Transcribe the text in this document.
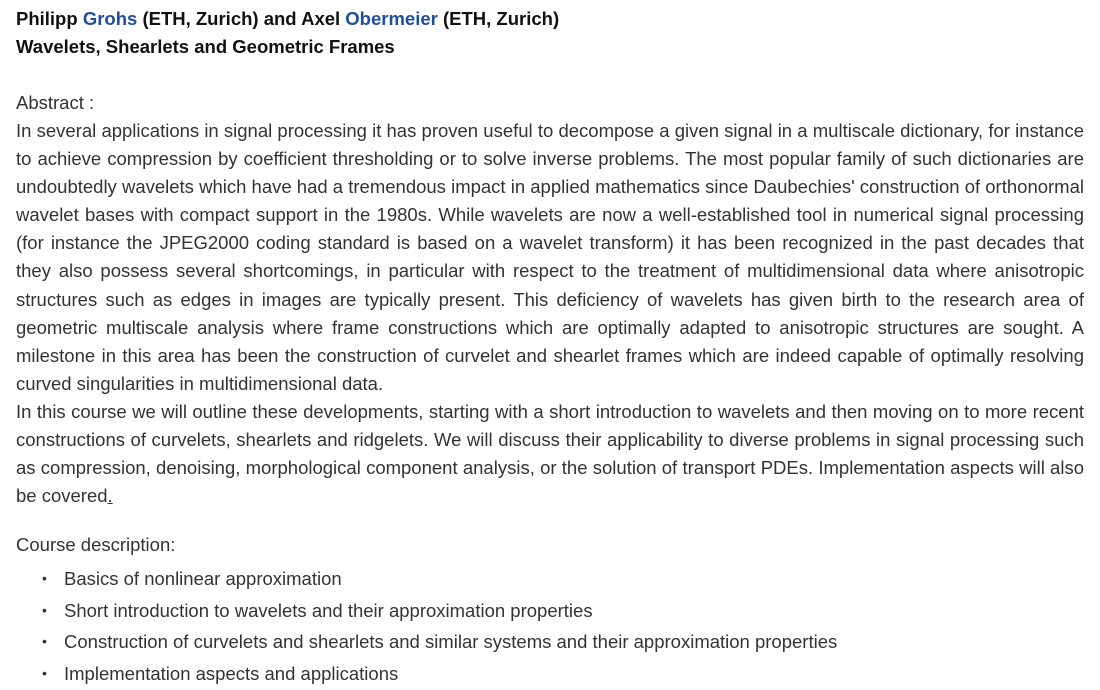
Philipp Grohs (ETH, Zurich) and Axel Obermeier (ETH, Zurich)
Wavelets, Shearlets and Geometric Frames
Abstract :

In several applications in signal processing it has proven useful to decompose a given signal in a multiscale dictionary, for instance to achieve compression by coefficient thresholding or to solve inverse problems. The most popular family of such dictionaries are undoubtedly wavelets which have had a tremendous impact in applied mathematics since Daubechies' construction of orthonormal wavelet bases with compact support in the 1980s. While wavelets are now a well-established tool in numerical signal processing (for instance the JPEG2000 coding standard is based on a wavelet transform) it has been recognized in the past decades that they also possess several shortcomings, in particular with respect to the treatment of multidimensional data where anisotropic structures such as edges in images are typically present. This deficiency of wavelets has given birth to the research area of geometric multiscale analysis where frame constructions which are optimally adapted to anisotropic structures are sought. A milestone in this area has been the construction of curvelet and shearlet frames which are indeed capable of optimally resolving curved singularities in multidimensional data.

In this course we will outline these developments, starting with a short introduction to wavelets and then moving on to more recent constructions of curvelets, shearlets and ridgelets. We will discuss their applicability to diverse problems in signal processing such as compression, denoising, morphological component analysis, or the solution of transport PDEs. Implementation aspects will also be covered.

Course description:
• Basics of nonlinear approximation
• Short introduction to wavelets and their approximation properties
• Construction of curvelets and shearlets and similar systems and their approximation properties
• Implementation aspects and applications
